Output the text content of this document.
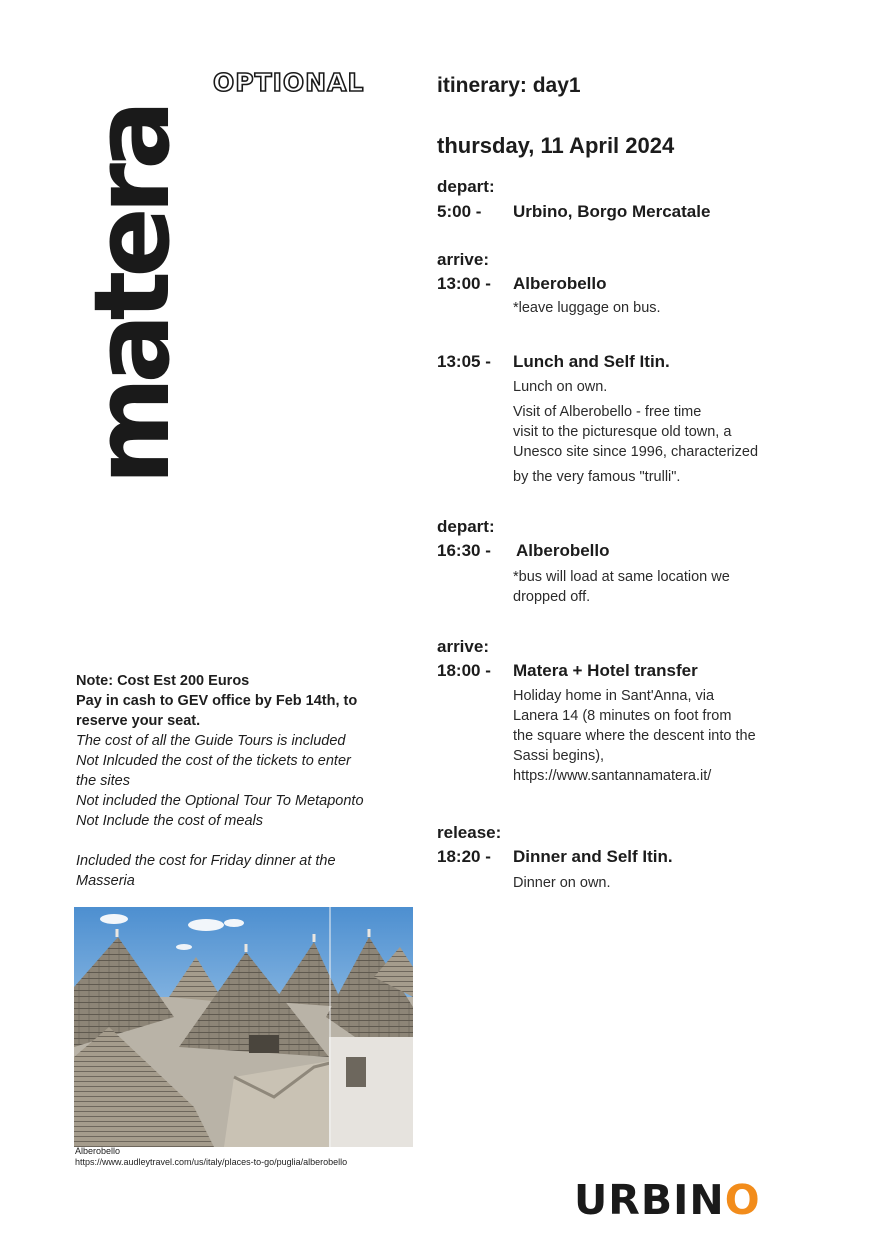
matera
OPTIONAL	itinerary: day1
thursday, 11 April 2024
depart:
5:00 - Urbino, Borgo Mercatale
arrive:
13:00 - Alberobello
*leave luggage on bus.
13:05 - Lunch and Self Itin.
Lunch on own.
Visit of Alberobello - free time
visit to the picturesque old town, a
Unesco site since 1996, characterized
by the very famous "trulli".
depart:
16:30 - Alberobello
*bus will load at same location we
dropped off.
arrive:
18:00 - Matera + Hotel transfer
Holiday home in Sant'Anna, via
Lanera 14 (8 minutes on foot from
the square where the descent into the
Sassi begins),
https://www.santannamatera.it/
release:
18:20 - Dinner and Self Itin.
Dinner on own.
Note: Cost Est 200 Euros
Pay in cash to GEV office by Feb 14th, to
reserve your seat.
The cost of all the Guide Tours is included
Not Inlcuded the cost of the tickets to enter
the sites
Not included the Optional Tour To Metaponto
Not Include the cost of meals
Included the cost for Friday dinner at the
Masseria
Alberobello
https://www.audleytravel.com/us/italy/places-to-go/puglia/alberobello
URBINO
